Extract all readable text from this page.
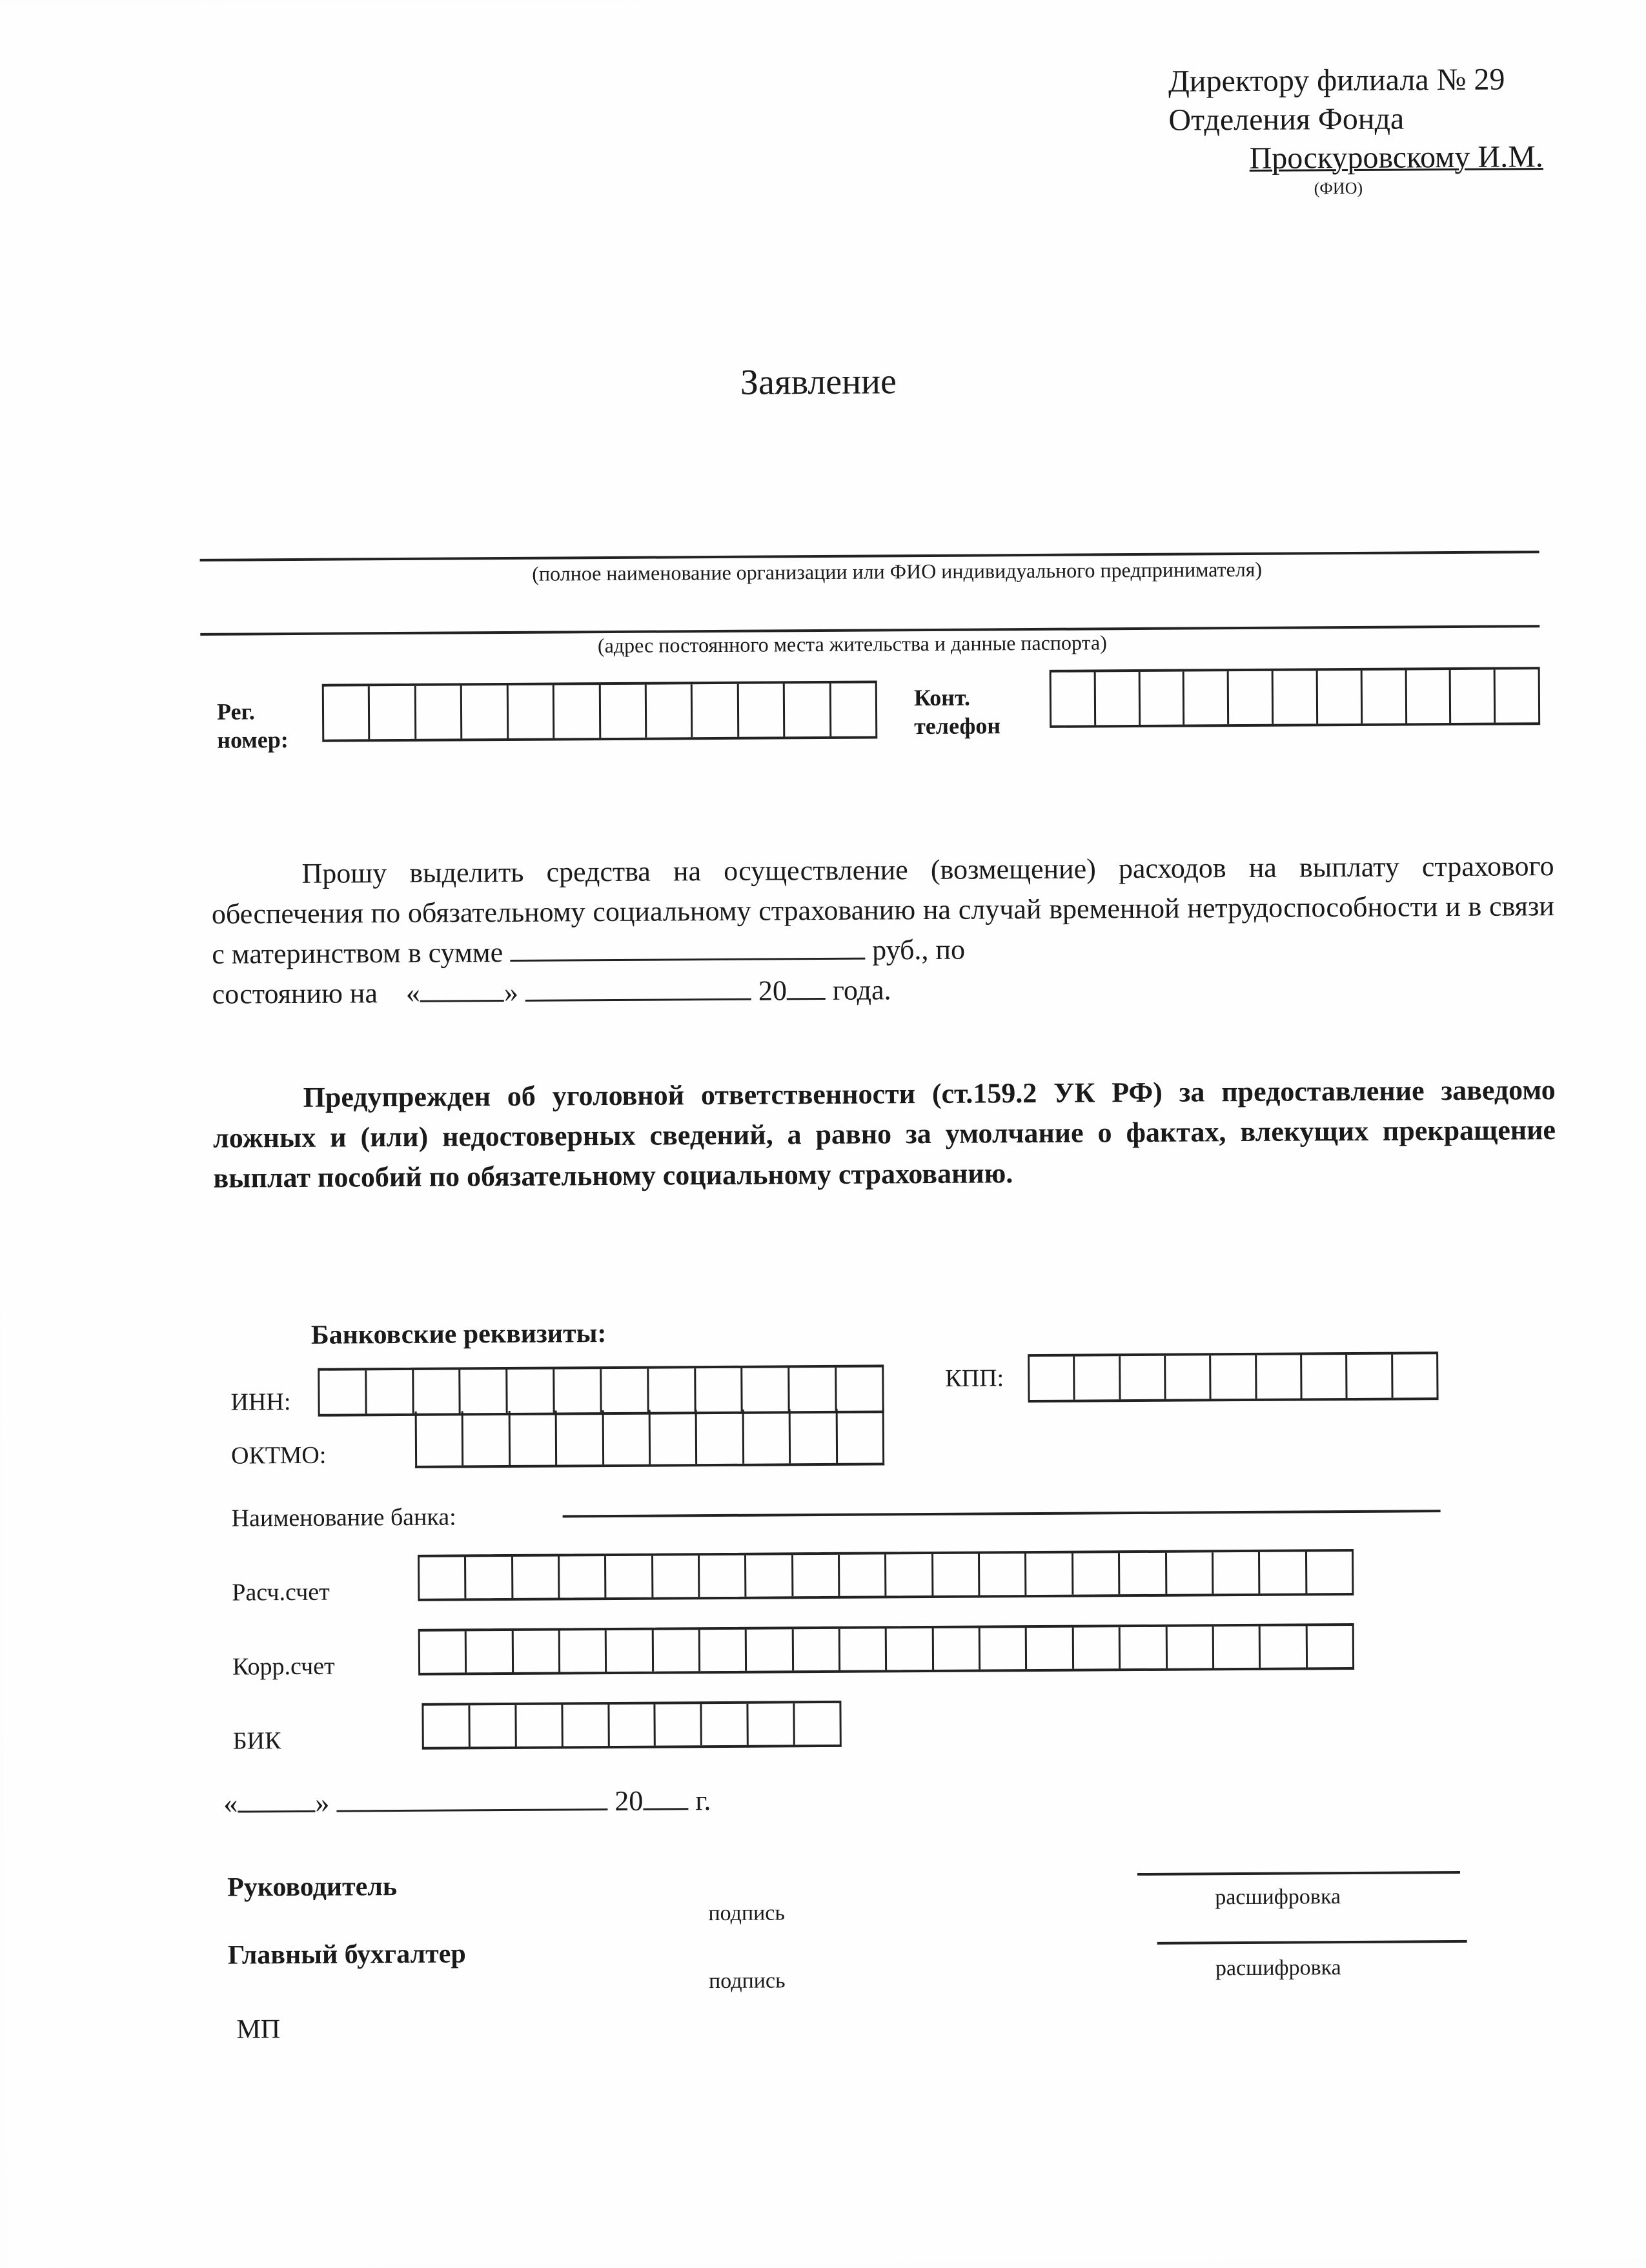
Директору филиала № 29
Отделения Фонда
Проскуровскому И.М.
(ФИО)
Заявление
(полное наименование организации или ФИО индивидуального предпринимателя)
(адрес постоянного места жительства и данные паспорта)
Рег.
номер:
Конт.
телефон
Прошу выделить средства на осуществление (возмещение) расходов на выплату страхового обеспечения по обязательному социальному страхованию на случай временной нетрудоспособности и в связи с материнством в сумме	руб., по
состоянию на «	»	20 года.
Предупрежден об уголовной ответственности (ст.159.2 УК РФ) за предоставление заведомо ложных и (или) недостоверных сведений, а равно за умолчание о фактах, влекущих прекращение выплат пособий по обязательному социальному страхованию.
Банковские реквизиты:
ИНН:
КПП:
ОКТМО:
Наименование банка:
Расч.счет
Корр.счет
БИК
«	»	20 г.
Руководитель
подпись
расшифровка
Главный бухгалтер
подпись
расшифровка
МП
